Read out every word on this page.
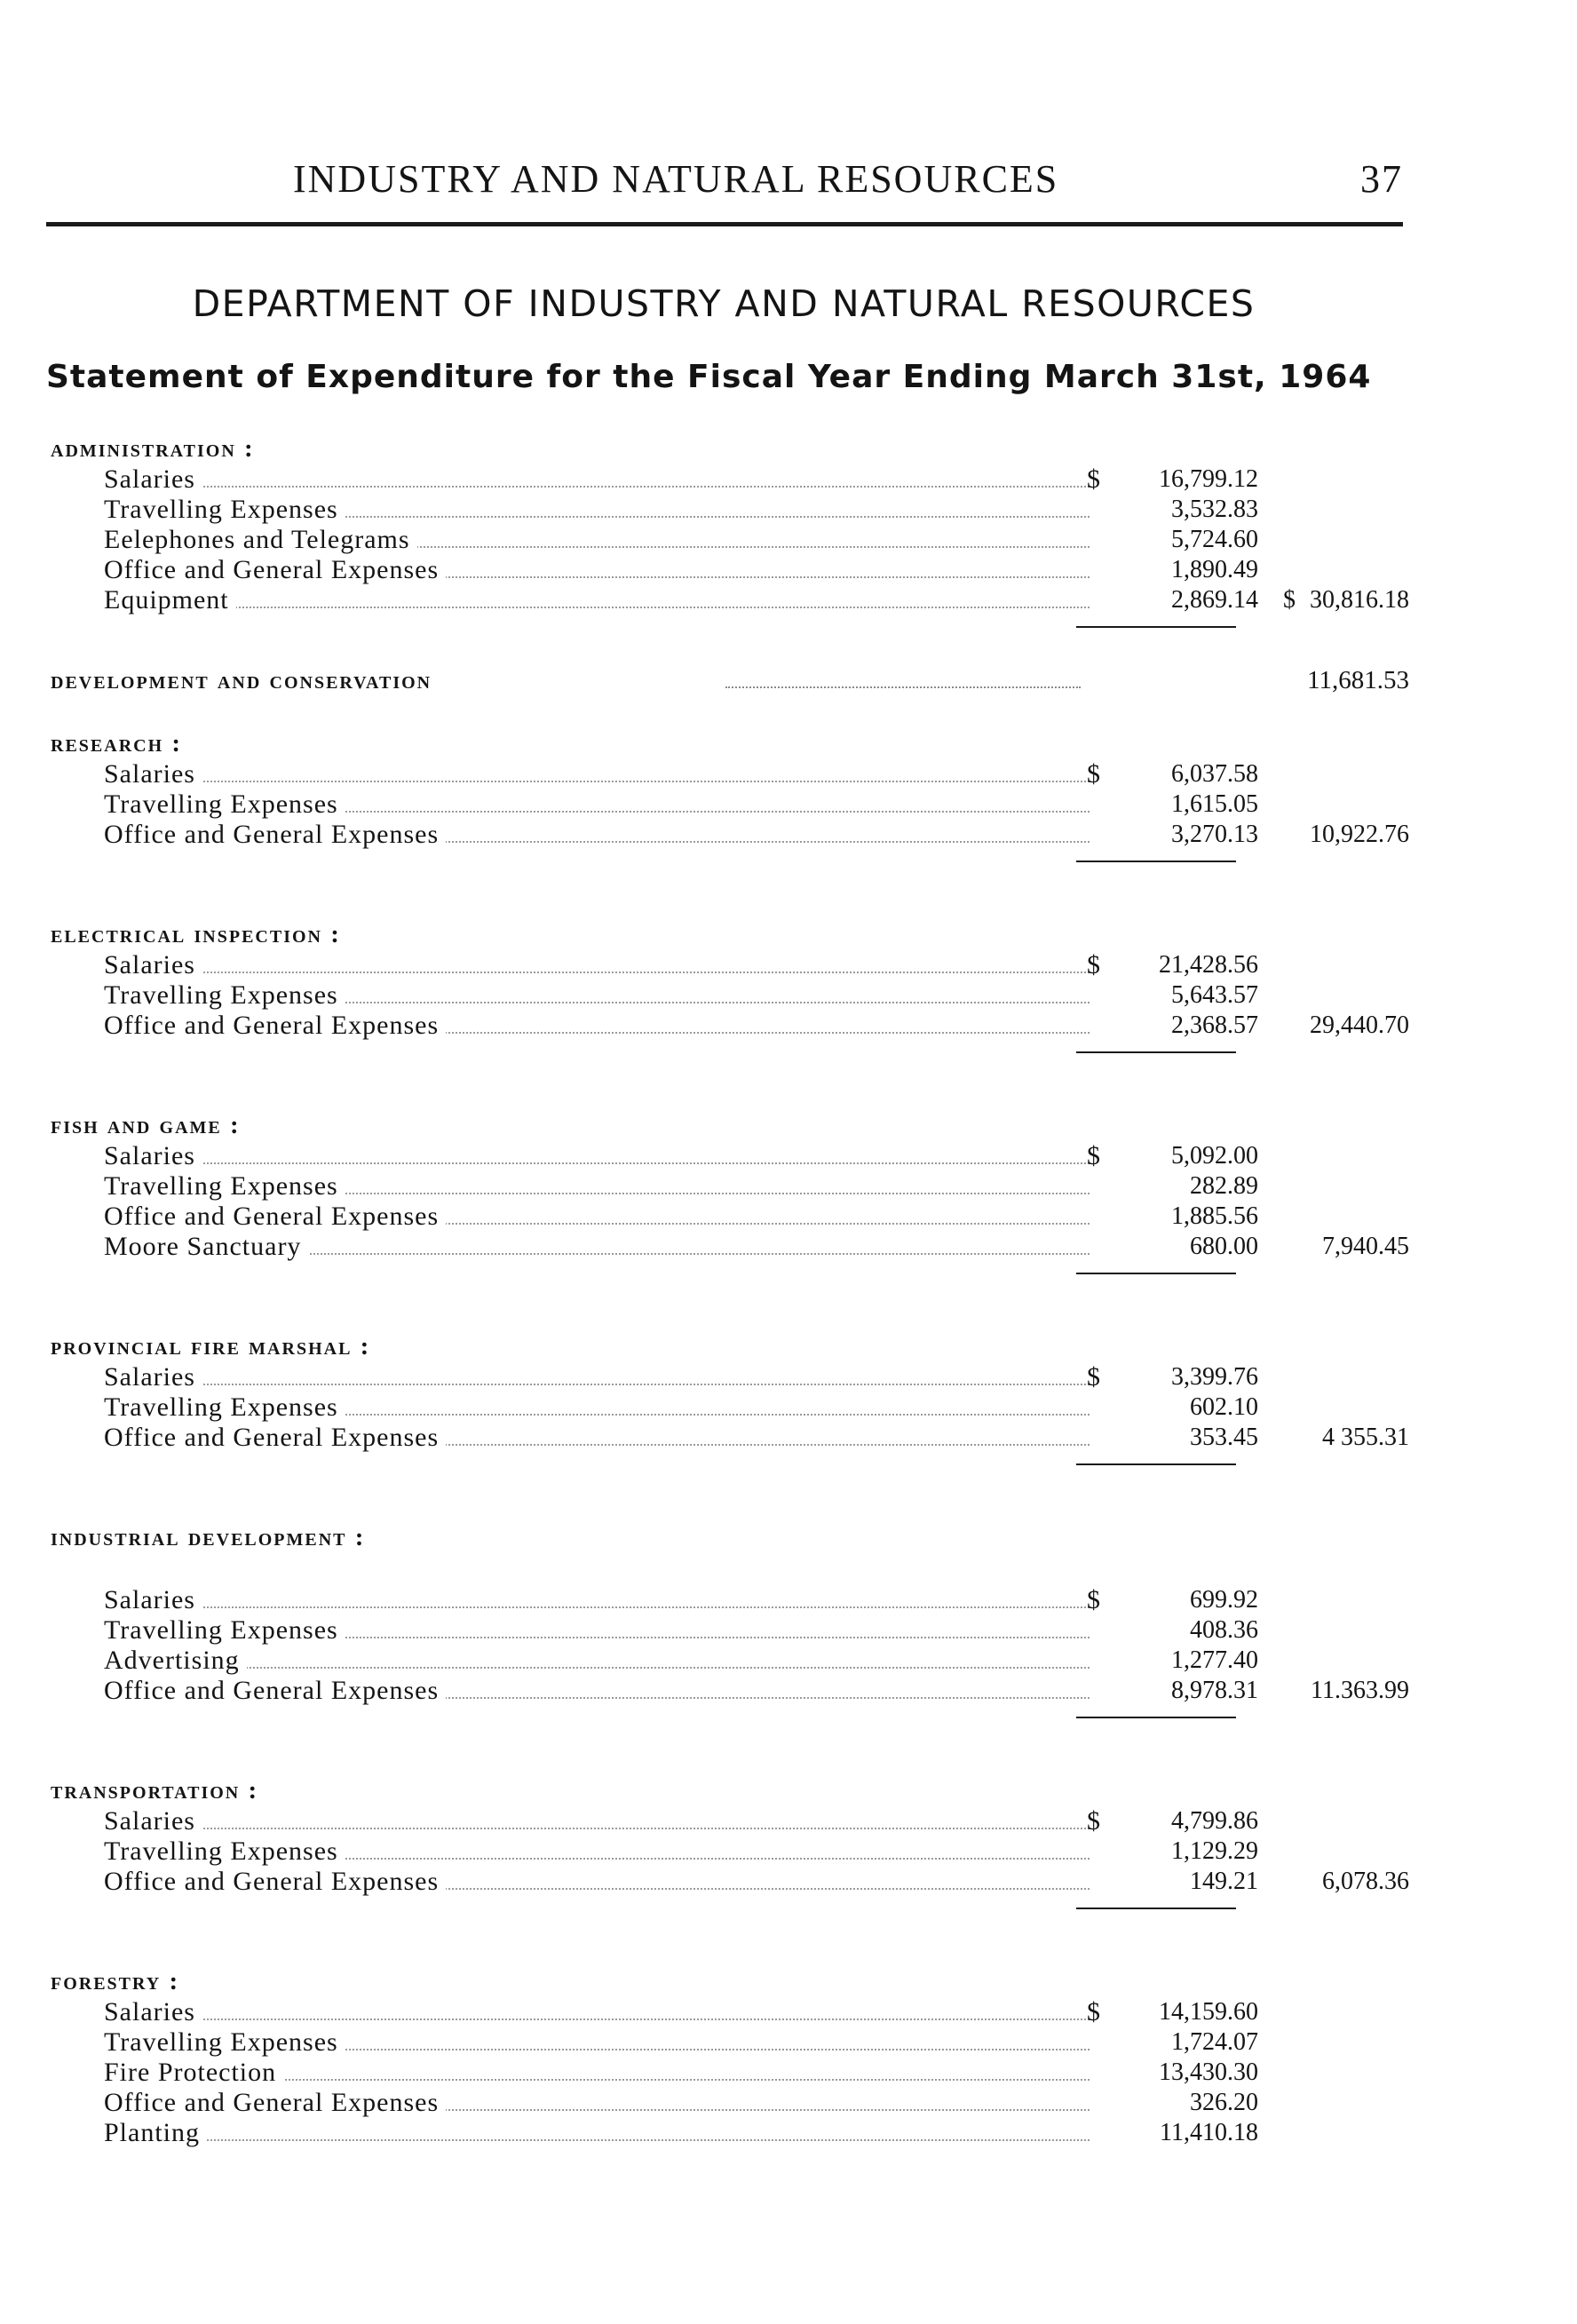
INDUSTRY AND NATURAL RESOURCES	37
DEPARTMENT OF INDUSTRY AND NATURAL RESOURCES
Statement of Expenditure for the Fiscal Year Ending March 31st, 1964
administration :
Salaries	$	16,799.12
Travelling Expenses	3,532.83
Eelephones and Telegrams	5,724.60
Office and General Expenses	1,890.49
Equipment	2,869.14	$ 30,816.18
development and conservation	11,681.53
research :
Salaries	$	6,037.58
Travelling Expenses	1,615.05
Office and General Expenses	3,270.13	10,922.76
electrical inspection :
Salaries	$	21,428.56
Travelling Expenses	5,643.57
Office and General Expenses	2,368.57	29,440.70
fish and game :
Salaries	$	5,092.00
Travelling Expenses	282.89
Office and General Expenses	1,885.56
Moore Sanctuary	680.00	7,940.45
provincial fire marshal :
Salaries	$	3,399.76
Travelling Expenses	602.10
Office and General Expenses	353.45	4 355.31
industrial development :
Salaries	$	699.92
Travelling Expenses	408.36
Advertising	1,277.40
Office and General Expenses	8,978.31	11.363.99
transportation :
Salaries	$	4,799.86
Travelling Expenses	1,129.29
Office and General Expenses	149.21	6,078.36
forestry :
Salaries	$	14,159.60
Travelling Expenses	1,724.07
Fire Protection	13,430.30
Office and General Expenses	326.20
Planting	11,410.18
